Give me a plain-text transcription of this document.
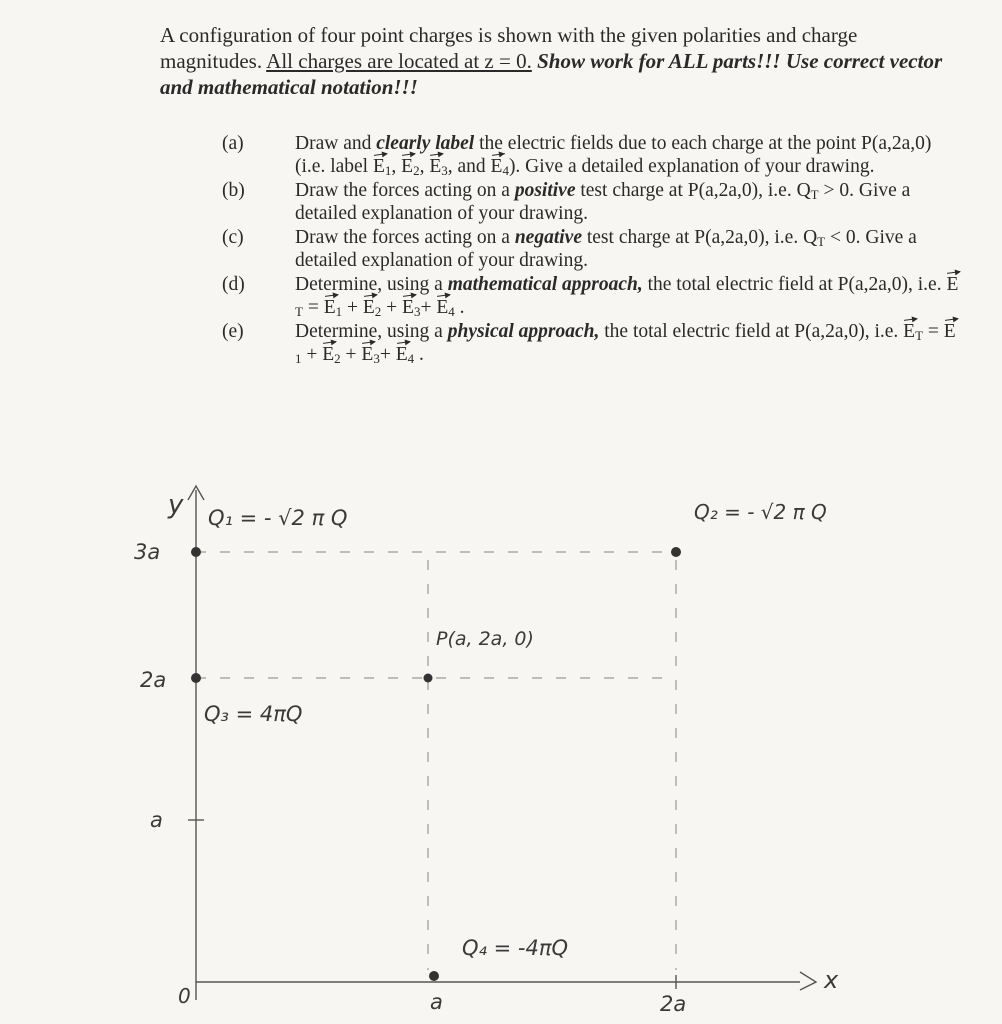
A configuration of four point charges is shown with the given polarities and charge magnitudes. All charges are located at z = 0. Show work for ALL parts!!! Use correct vector and mathematical notation!!!
(a)	Draw and clearly label the electric fields due to each charge at the point P(a,2a,0) (i.e. label $E_1$, $E_2$, $E_3$, and $E_4$). Give a detailed explanation of your drawing.
(b)	Draw the forces acting on a positive test charge at P(a,2a,0), i.e. $Q_T > 0$. Give a detailed explanation of your drawing.
(c)	Draw the forces acting on a negative test charge at P(a,2a,0), i.e. $Q_T < 0$. Give a detailed explanation of your drawing.
(d)	Determine, using a mathematical approach, the total electric field at P(a,2a,0), i.e. $E_T = E_1 + E_2 + E_3+ E_4$ .
(e)	Determine, using a physical approach, the total electric field at P(a,2a,0), i.e. $E_T = E_1 + E_2 + E_3+ E_4$ .
y
x
0
3a
2a
a
a	2a
Q₁ = - √2 π Q	Q₂ = - √2 π Q
Q₃ = 4πQ
Q₄ = -4πQ
P(a, 2a, 0)
